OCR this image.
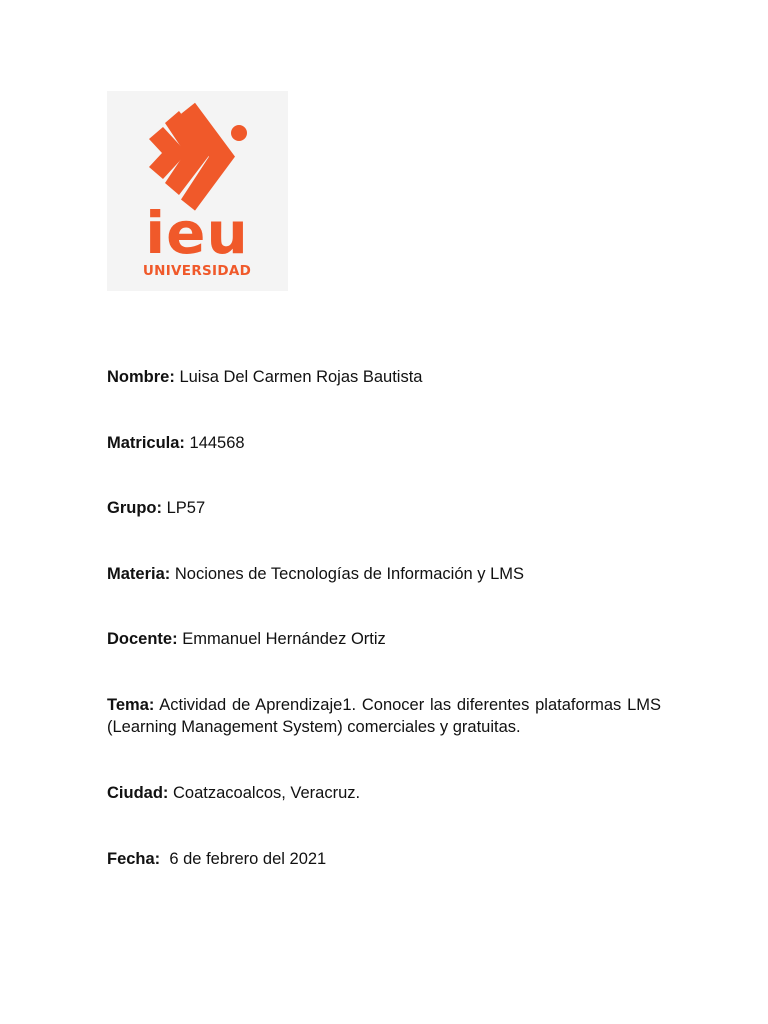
ieu
UNIVERSIDAD

Nombre: Luisa Del Carmen Rojas Bautista

Matricula: 144568

Grupo: LP57

Materia: Nociones de Tecnologías de Información y LMS

Docente: Emmanuel Hernández Ortiz

Tema: Actividad de Aprendizaje1. Conocer las diferentes plataformas LMS (Learning Management System) comerciales y gratuitas.

Ciudad: Coatzacoalcos, Veracruz.

Fecha:  6 de febrero del 2021
